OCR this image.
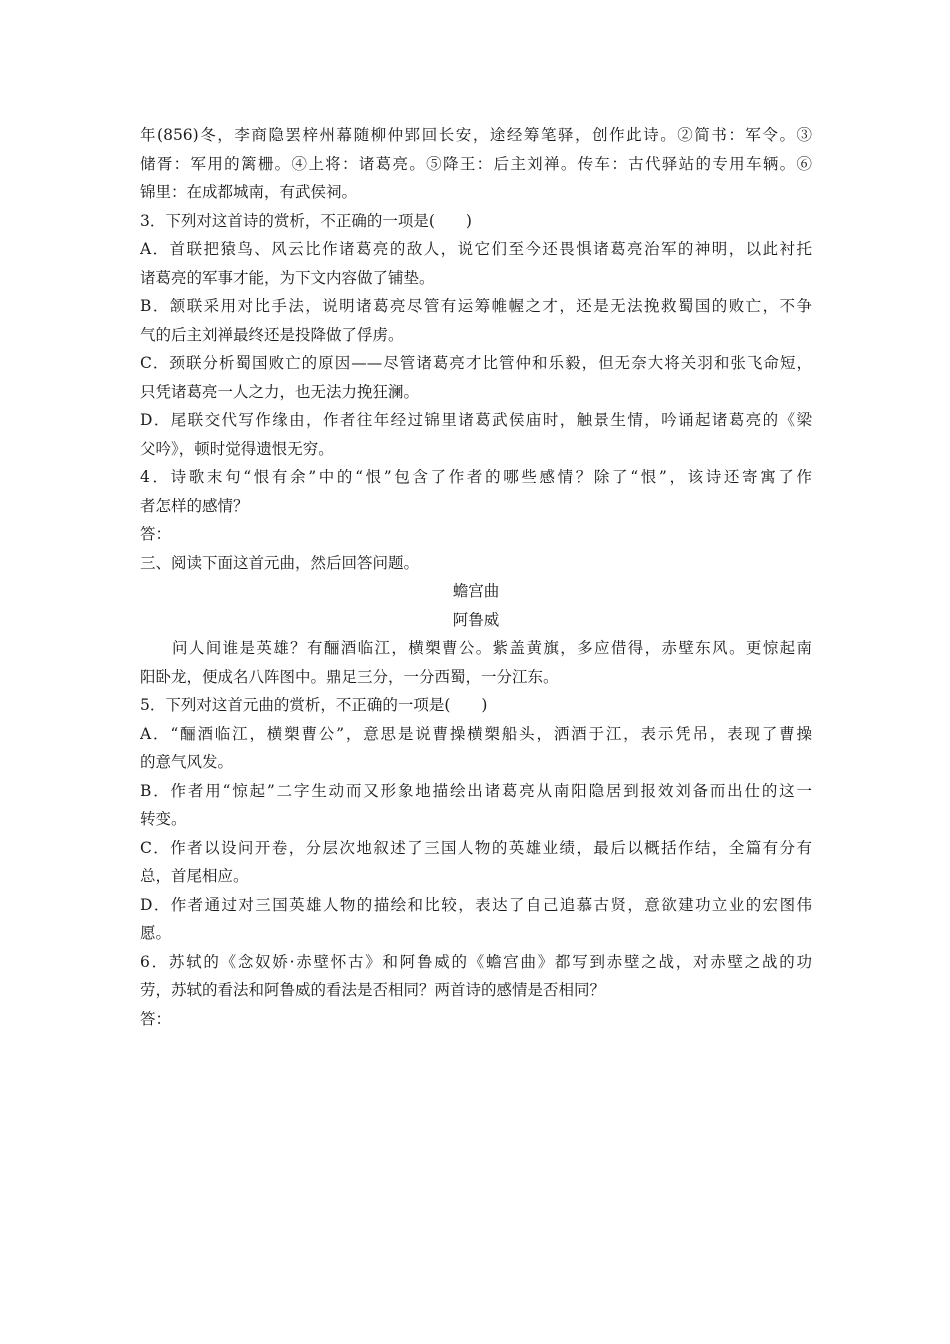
年(856)冬，李商隐罢梓州幕随柳仲郢回长安，途经筹笔驿，创作此诗。②简书：军令。③
储胥：军用的篱栅。④上将：诸葛亮。⑤降王：后主刘禅。传车：古代驿站的专用车辆。⑥
锦里：在成都城南，有武侯祠。
3．下列对这首诗的赏析，不正确的一项是(　　)
A．首联把猿鸟、风云比作诸葛亮的敌人，说它们至今还畏惧诸葛亮治军的神明，以此衬托
诸葛亮的军事才能，为下文内容做了铺垫。
B．颔联采用对比手法，说明诸葛亮尽管有运筹帷幄之才，还是无法挽救蜀国的败亡，不争
气的后主刘禅最终还是投降做了俘虏。
C．颈联分析蜀国败亡的原因——尽管诸葛亮才比管仲和乐毅，但无奈大将关羽和张飞命短，
只凭诸葛亮一人之力，也无法力挽狂澜。
D．尾联交代写作缘由，作者往年经过锦里诸葛武侯庙时，触景生情，吟诵起诸葛亮的《梁
父吟》，顿时觉得遗恨无穷。
4．诗歌末句“恨有余”中的“恨”包含了作者的哪些感情？除了“恨”，该诗还寄寓了作
者怎样的感情？
答：
三、阅读下面这首元曲，然后回答问题。
蟾宫曲
阿鲁威
问人间谁是英雄？有酾酒临江，横槊曹公。紫盖黄旗，多应借得，赤壁东风。更惊起南
阳卧龙，便成名八阵图中。鼎足三分，一分西蜀，一分江东。
5．下列对这首元曲的赏析，不正确的一项是(　　)
A．“酾酒临江，横槊曹公”，意思是说曹操横槊船头，洒酒于江，表示凭吊，表现了曹操
的意气风发。
B．作者用“惊起”二字生动而又形象地描绘出诸葛亮从南阳隐居到报效刘备而出仕的这一
转变。
C．作者以设问开卷，分层次地叙述了三国人物的英雄业绩，最后以概括作结，全篇有分有
总，首尾相应。
D．作者通过对三国英雄人物的描绘和比较，表达了自己追慕古贤，意欲建功立业的宏图伟
愿。
6．苏轼的《念奴娇·赤壁怀古》和阿鲁威的《蟾宫曲》都写到赤壁之战，对赤壁之战的功
劳，苏轼的看法和阿鲁威的看法是否相同？两首诗的感情是否相同？
答：
